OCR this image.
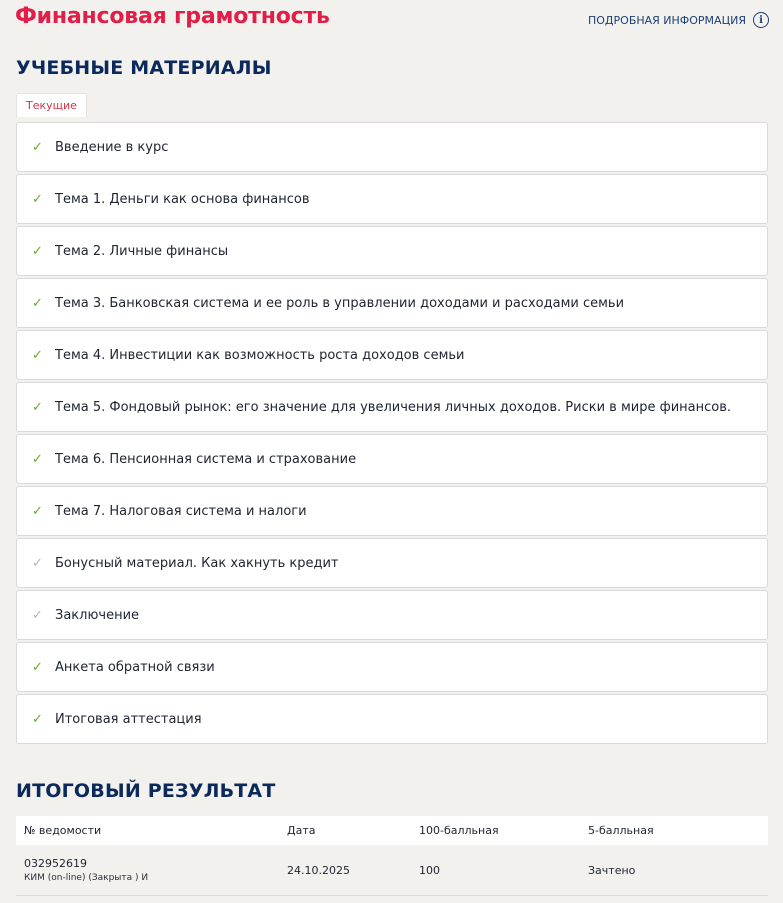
Финансовая грамотность	ПОДРОБНАЯ ИНФОРМАЦИЯ	i
УЧЕБНЫЕ МАТЕРИАЛЫ
Текущие
✓ Введение в курс
✓ Тема 1. Деньги как основа финансов
✓ Тема 2. Личные финансы
✓ Тема 3. Банковская система и ее роль в управлении доходами и расходами семьи
✓ Тема 4. Инвестиции как возможность роста доходов семьи
✓ Тема 5. Фондовый рынок: его значение для увеличения личных доходов. Риски в мире финансов.
✓ Тема 6. Пенсионная система и страхование
✓ Тема 7. Налоговая система и налоги
✓ Бонусный материал. Как хакнуть кредит
✓ Заключение
✓ Анкета обратной связи
✓ Итоговая аттестация
ИТОГОВЫЙ РЕЗУЛЬТАТ
№ ведомости	Дата	100-балльная	5-балльная

032952619
КИМ (on-line) (Закрыта ) И	24.10.2025	100	Зачтено
